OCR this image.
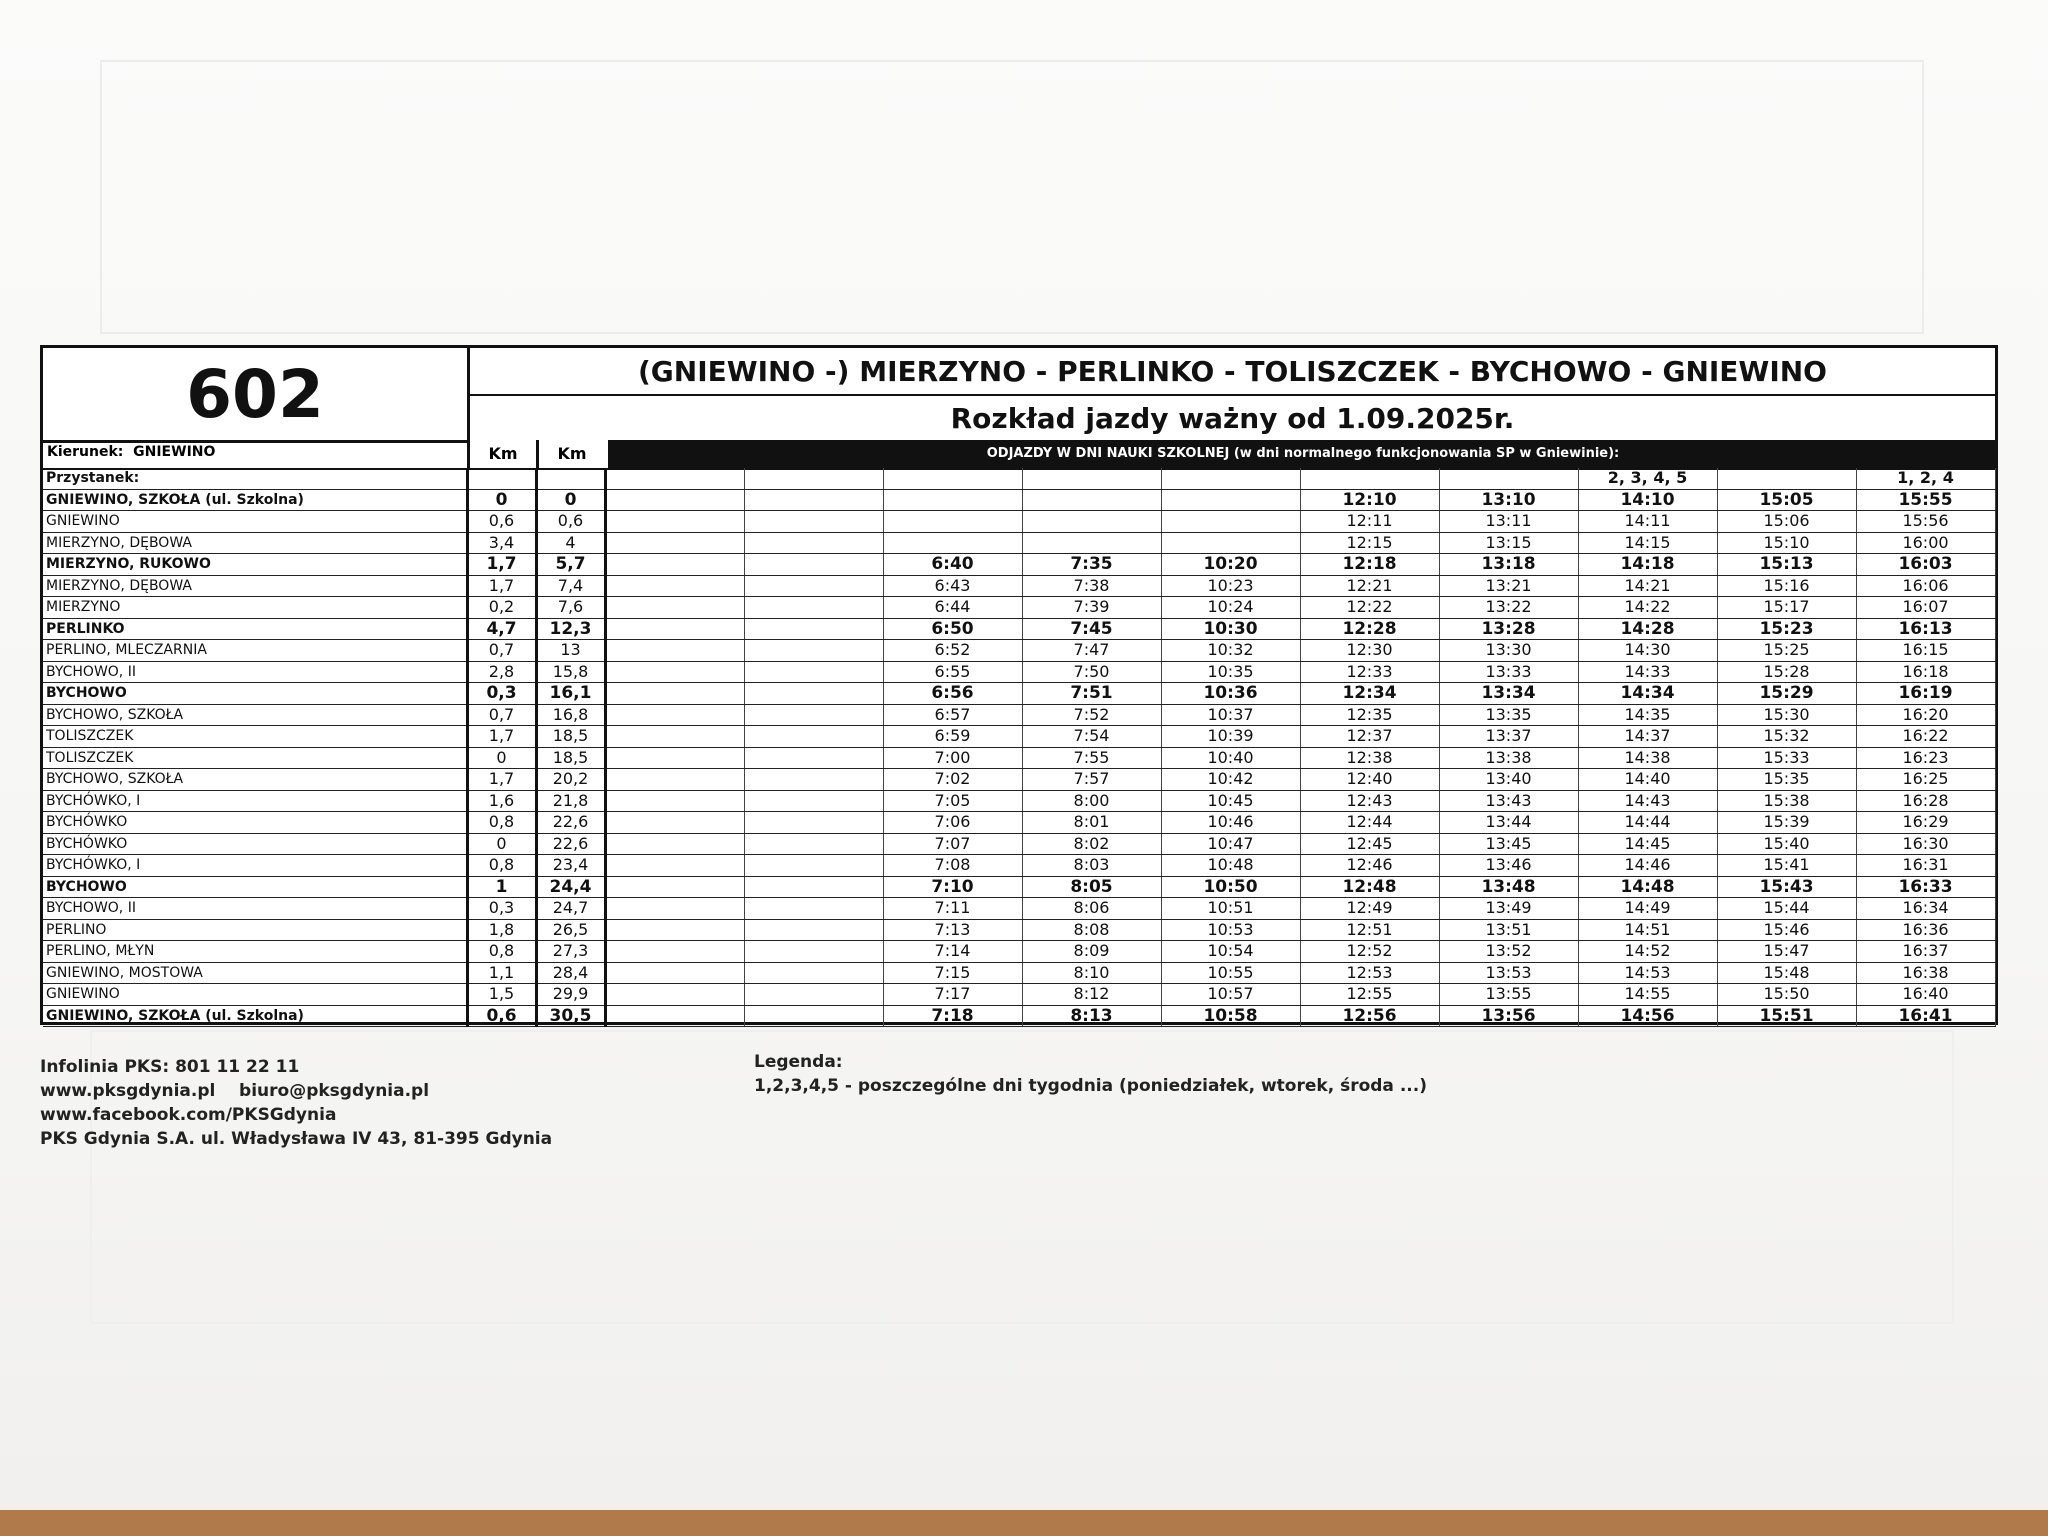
602	(GNIEWINO -) MIERZYNO - PERLINKO - TOLISZCZEK - BYCHOWO - GNIEWINO
Rozkład jazdy ważny od 1.09.2025r.
Kierunek: GNIEWINO	Km	Km	ODJAZDY W DNI NAUKI SZKOLNEJ (w dni normalnego funkcjonowania SP w Gniewinie):
Przystanek:										2, 3, 4, 5		1, 2, 4	
GNIEWINO, SZKOŁA (ul. Szkolna)	0	0						12:10	13:10	14:10	15:05	15:55	
GNIEWINO	0,6	0,6						12:11	13:11	14:11	15:06	15:56	
MIERZYNO, DĘBOWA	3,4	4						12:15	13:15	14:15	15:10	16:00	
MIERZYNO, RUKOWO	1,7	5,7			6:40	7:35	10:20	12:18	13:18	14:18	15:13	16:03	
MIERZYNO, DĘBOWA	1,7	7,4			6:43	7:38	10:23	12:21	13:21	14:21	15:16	16:06	
MIERZYNO	0,2	7,6			6:44	7:39	10:24	12:22	13:22	14:22	15:17	16:07	
PERLINKO	4,7	12,3			6:50	7:45	10:30	12:28	13:28	14:28	15:23	16:13	
PERLINO, MLECZARNIA	0,7	13			6:52	7:47	10:32	12:30	13:30	14:30	15:25	16:15	
BYCHOWO, II	2,8	15,8			6:55	7:50	10:35	12:33	13:33	14:33	15:28	16:18	
BYCHOWO	0,3	16,1			6:56	7:51	10:36	12:34	13:34	14:34	15:29	16:19	
BYCHOWO, SZKOŁA	0,7	16,8			6:57	7:52	10:37	12:35	13:35	14:35	15:30	16:20	
TOLISZCZEK	1,7	18,5			6:59	7:54	10:39	12:37	13:37	14:37	15:32	16:22	
TOLISZCZEK	0	18,5			7:00	7:55	10:40	12:38	13:38	14:38	15:33	16:23	
BYCHOWO, SZKOŁA	1,7	20,2			7:02	7:57	10:42	12:40	13:40	14:40	15:35	16:25	
BYCHÓWKO, I	1,6	21,8			7:05	8:00	10:45	12:43	13:43	14:43	15:38	16:28	
BYCHÓWKO	0,8	22,6			7:06	8:01	10:46	12:44	13:44	14:44	15:39	16:29	
BYCHÓWKO	0	22,6			7:07	8:02	10:47	12:45	13:45	14:45	15:40	16:30	
BYCHÓWKO, I	0,8	23,4			7:08	8:03	10:48	12:46	13:46	14:46	15:41	16:31	
BYCHOWO	1	24,4			7:10	8:05	10:50	12:48	13:48	14:48	15:43	16:33	
BYCHOWO, II	0,3	24,7			7:11	8:06	10:51	12:49	13:49	14:49	15:44	16:34	
PERLINO	1,8	26,5			7:13	8:08	10:53	12:51	13:51	14:51	15:46	16:36	
PERLINO, MŁYN	0,8	27,3			7:14	8:09	10:54	12:52	13:52	14:52	15:47	16:37	
GNIEWINO, MOSTOWA	1,1	28,4			7:15	8:10	10:55	12:53	13:53	14:53	15:48	16:38	
GNIEWINO	1,5	29,9			7:17	8:12	10:57	12:55	13:55	14:55	15:50	16:40	
GNIEWINO, SZKOŁA (ul. Szkolna)	0,6	30,5			7:18	8:13	10:58	12:56	13:56	14:56	15:51	16:41	
Infolinia PKS: 801 11 22 11
www.pksgdynia.pl    biuro@pksgdynia.pl
www.facebook.com/PKSGdynia
PKS Gdynia S.A. ul. Władysława IV 43, 81-395 Gdynia
Legenda:
1,2,3,4,5 - poszczególne dni tygodnia (poniedziałek, wtorek, środa ...)
